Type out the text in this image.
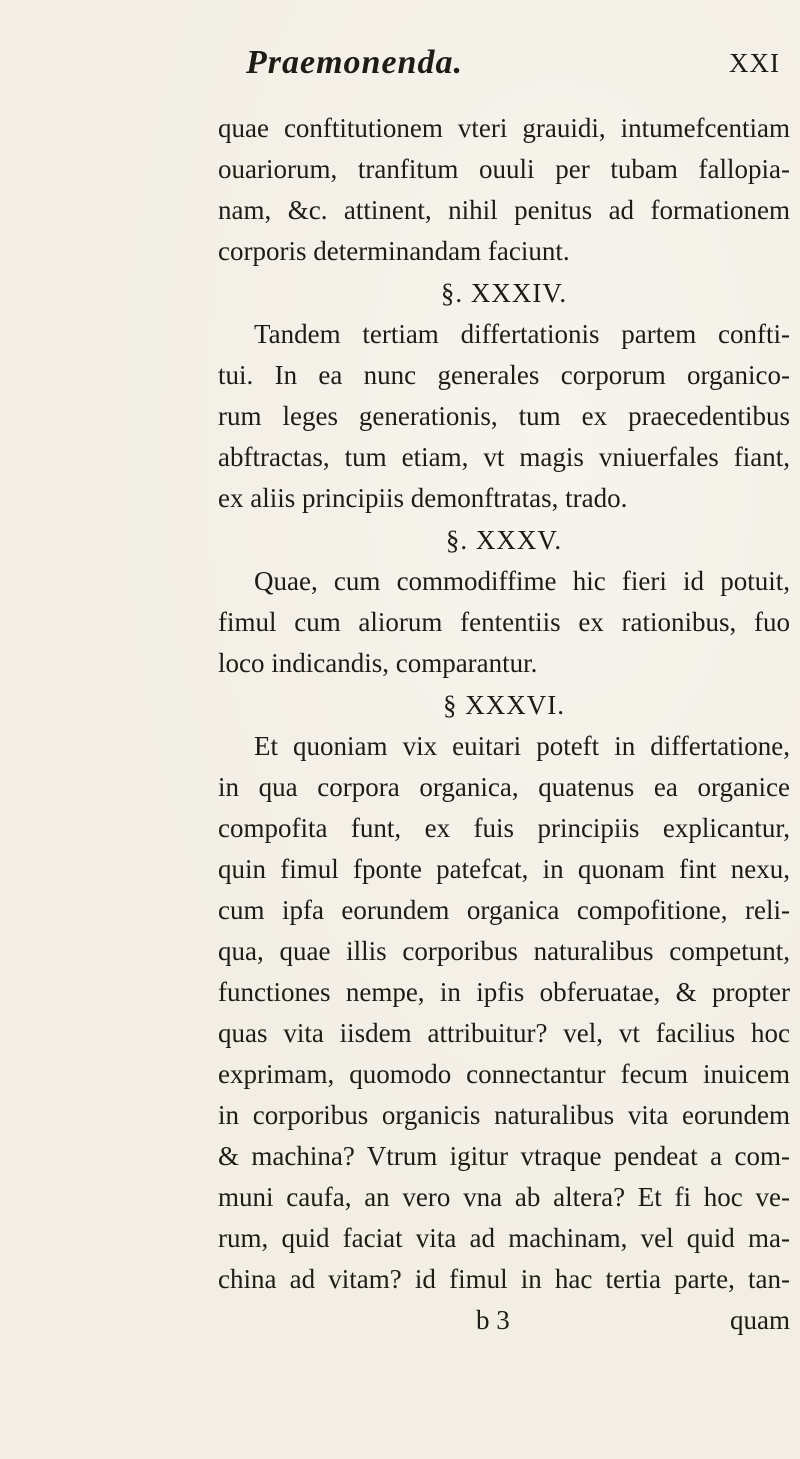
Praemonenda.	XXI
quae conftitutionem vteri grauidi, intumefcentiam
ouariorum, tranfitum ouuli per tubam fallopia-
nam, &c. attinent, nihil penitus ad formationem
corporis determinandam faciunt.
§. XXXIV.
Tandem tertiam differtationis partem confti-
tui. In ea nunc generales corporum organico-
rum leges generationis, tum ex praecedentibus
abftractas, tum etiam, vt magis vniuerfales fiant,
ex aliis principiis demonftratas, trado.
§. XXXV.
Quae, cum commodiffime hic fieri id potuit,
fimul cum aliorum fententiis ex rationibus, fuo
loco indicandis, comparantur.
§ XXXVI.
Et quoniam vix euitari poteft in differtatione,
in qua corpora organica, quatenus ea organice
compofita funt, ex fuis principiis explicantur,
quin fimul fponte patefcat, in quonam fint nexu,
cum ipfa eorundem organica compofitione, reli-
qua, quae illis corporibus naturalibus competunt,
functiones nempe, in ipfis obferuatae, & propter
quas vita iisdem attribuitur? vel, vt facilius hoc
exprimam, quomodo connectantur fecum inuicem
in corporibus organicis naturalibus vita eorundem
& machina? Vtrum igitur vtraque pendeat a com-
muni caufa, an vero vna ab altera? Et fi hoc ve-
rum, quid faciat vita ad machinam, vel quid ma-
china ad vitam? id fimul in hac tertia parte, tan-
b 3	quam
